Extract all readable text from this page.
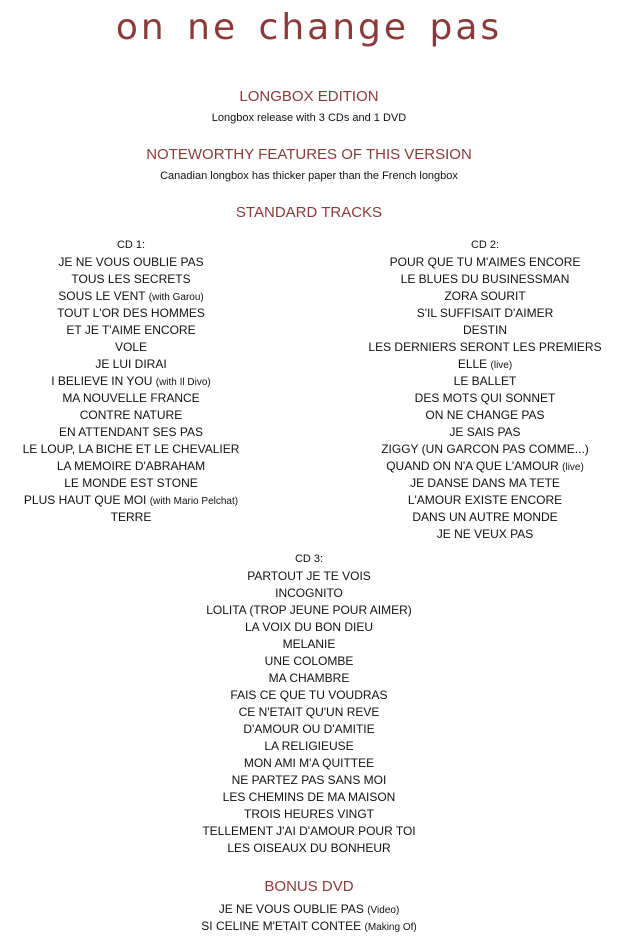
on ne change pas
LONGBOX EDITION
Longbox release with 3 CDs and 1 DVD
NOTEWORTHY FEATURES OF THIS VERSION
Canadian longbox has thicker paper than the French longbox
STANDARD TRACKS
CD 1:
JE NE VOUS OUBLIE PAS
TOUS LES SECRETS
SOUS LE VENT (with Garou)
TOUT L'OR DES HOMMES
ET JE T'AIME ENCORE
VOLE
JE LUI DIRAI
I BELIEVE IN YOU (with Il Divo)
MA NOUVELLE FRANCE
CONTRE NATURE
EN ATTENDANT SES PAS
LE LOUP, LA BICHE ET LE CHEVALIER
LA MEMOIRE D'ABRAHAM
LE MONDE EST STONE
PLUS HAUT QUE MOI (with Mario Pelchat)
TERRE
CD 2:
POUR QUE TU M'AIMES ENCORE
LE BLUES DU BUSINESSMAN
ZORA SOURIT
S'IL SUFFISAIT D'AIMER
DESTIN
LES DERNIERS SERONT LES PREMIERS
ELLE (live)
LE BALLET
DES MOTS QUI SONNET
ON NE CHANGE PAS
JE SAIS PAS
ZIGGY (UN GARCON PAS COMME...)
QUAND ON N'A QUE L'AMOUR (live)
JE DANSE DANS MA TETE
L'AMOUR EXISTE ENCORE
DANS UN AUTRE MONDE
JE NE VEUX PAS
CD 3:
PARTOUT JE TE VOIS
INCOGNITO
LOLITA (TROP JEUNE POUR AIMER)
LA VOIX DU BON DIEU
MELANIE
UNE COLOMBE
MA CHAMBRE
FAIS CE QUE TU VOUDRAS
CE N'ETAIT QU'UN REVE
D'AMOUR OU D'AMITIE
LA RELIGIEUSE
MON AMI M'A QUITTEE
NE PARTEZ PAS SANS MOI
LES CHEMINS DE MA MAISON
TROIS HEURES VINGT
TELLEMENT J'AI D'AMOUR POUR TOI
LES OISEAUX DU BONHEUR
BONUS DVD
JE NE VOUS OUBLIE PAS (Video)
SI CELINE M'ETAIT CONTEE (Making Of)
